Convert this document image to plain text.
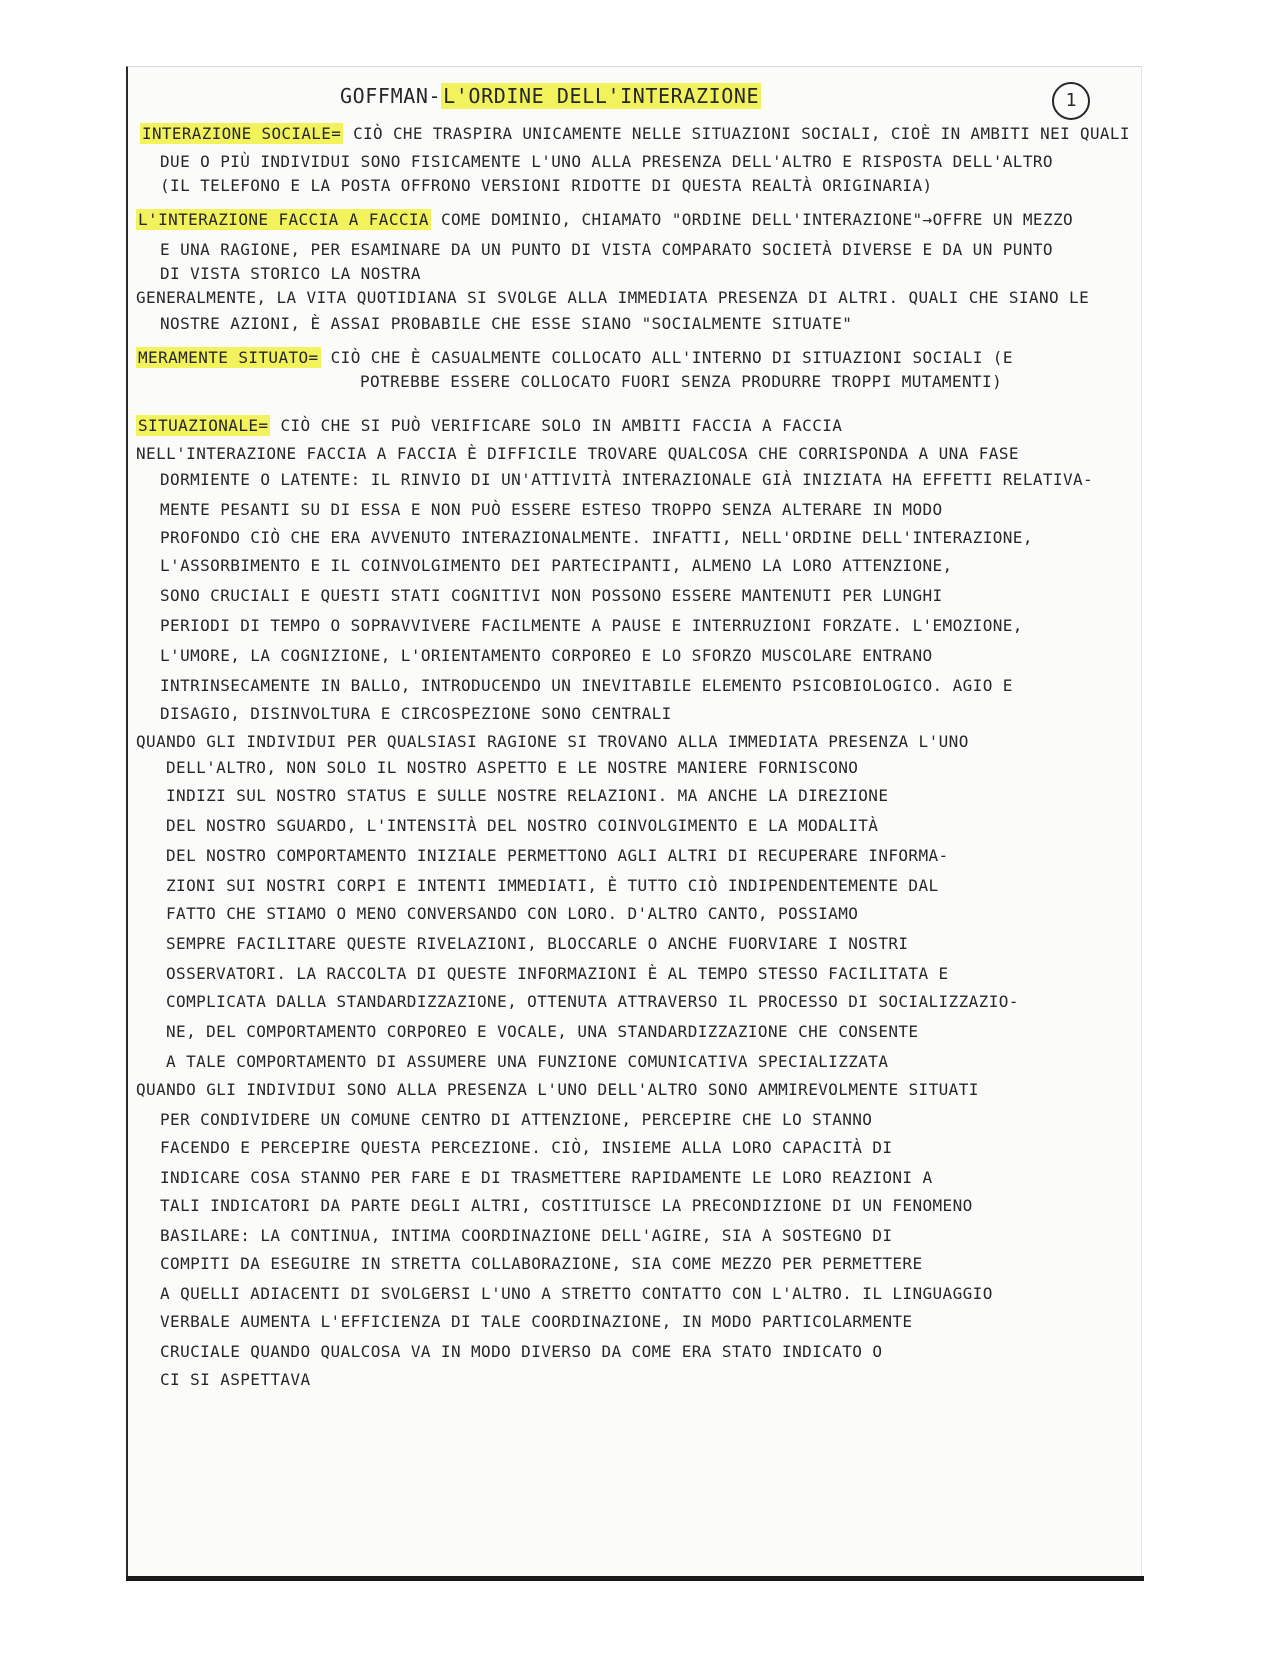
GOFFMAN- L'ORDINE DELL'INTERAZIONE	1
INTERAZIONE SOCIALE= CIÒ CHE TRASPIRA UNICAMENTE NELLE SITUAZIONI SOCIALI, CIOÈ IN AMBITI NEI QUALI
DUE O PIÙ INDIVIDUI SONO FISICAMENTE L'UNO ALLA PRESENZA DELL'ALTRO E RISPOSTA DELL'ALTRO
(IL TELEFONO E LA POSTA OFFRONO VERSIONI RIDOTTE DI QUESTA REALTÀ ORIGINARIA)
L'INTERAZIONE FACCIA A FACCIA COME DOMINIO, CHIAMATO "ORDINE DELL'INTERAZIONE"→OFFRE UN MEZZO
E UNA RAGIONE, PER ESAMINARE DA UN PUNTO DI VISTA COMPARATO SOCIETÀ DIVERSE E DA UN PUNTO
DI VISTA STORICO LA NOSTRA
GENERALMENTE, LA VITA QUOTIDIANA SI SVOLGE ALLA IMMEDIATA PRESENZA DI ALTRI. QUALI CHE SIANO LE
NOSTRE AZIONI, È ASSAI PROBABILE CHE ESSE SIANO "SOCIALMENTE SITUATE"
MERAMENTE SITUATO= CIÒ CHE È CASUALMENTE COLLOCATO ALL'INTERNO DI SITUAZIONI SOCIALI (E
POTREBBE ESSERE COLLOCATO FUORI SENZA PRODURRE TROPPI MUTAMENTI)
SITUAZIONALE= CIÒ CHE SI PUÒ VERIFICARE SOLO IN AMBITI FACCIA A FACCIA
NELL'INTERAZIONE FACCIA A FACCIA È DIFFICILE TROVARE QUALCOSA CHE CORRISPONDA A UNA FASE
DORMIENTE O LATENTE: IL RINVIO DI UN'ATTIVITÀ INTERAZIONALE GIÀ INIZIATA HA EFFETTI RELATIVA-
MENTE PESANTI SU DI ESSA E NON PUÒ ESSERE ESTESO TROPPO SENZA ALTERARE IN MODO
PROFONDO CIÒ CHE ERA AVVENUTO INTERAZIONALMENTE. INFATTI, NELL'ORDINE DELL'INTERAZIONE,
L'ASSORBIMENTO E IL COINVOLGIMENTO DEI PARTECIPANTI, ALMENO LA LORO ATTENZIONE,
SONO CRUCIALI E QUESTI STATI COGNITIVI NON POSSONO ESSERE MANTENUTI PER LUNGHI
PERIODI DI TEMPO O SOPRAVVIVERE FACILMENTE A PAUSE E INTERRUZIONI FORZATE. L'EMOZIONE,
L'UMORE, LA COGNIZIONE, L'ORIENTAMENTO CORPOREO E LO SFORZO MUSCOLARE ENTRANO
INTRINSECAMENTE IN BALLO, INTRODUCENDO UN INEVITABILE ELEMENTO PSICOBIOLOGICO. AGIO E
DISAGIO, DISINVOLTURA E CIRCOSPEZIONE SONO CENTRALI
QUANDO GLI INDIVIDUI PER QUALSIASI RAGIONE SI TROVANO ALLA IMMEDIATA PRESENZA L'UNO
DELL'ALTRO, NON SOLO IL NOSTRO ASPETTO E LE NOSTRE MANIERE FORNISCONO
INDIZI SUL NOSTRO STATUS E SULLE NOSTRE RELAZIONI. MA ANCHE LA DIREZIONE
DEL NOSTRO SGUARDO, L'INTENSITÀ DEL NOSTRO COINVOLGIMENTO E LA MODALITÀ
DEL NOSTRO COMPORTAMENTO INIZIALE PERMETTONO AGLI ALTRI DI RECUPERARE INFORMA-
ZIONI SUI NOSTRI CORPI E INTENTI IMMEDIATI, È TUTTO CIÒ INDIPENDENTEMENTE DAL
FATTO CHE STIAMO O MENO CONVERSANDO CON LORO. D'ALTRO CANTO, POSSIAMO
SEMPRE FACILITARE QUESTE RIVELAZIONI, BLOCCARLE O ANCHE FUORVIARE I NOSTRI
OSSERVATORI. LA RACCOLTA DI QUESTE INFORMAZIONI È AL TEMPO STESSO FACILITATA E
COMPLICATA DALLA STANDARDIZZAZIONE, OTTENUTA ATTRAVERSO IL PROCESSO DI SOCIALIZZAZIO-
NE, DEL COMPORTAMENTO CORPOREO E VOCALE, UNA STANDARDIZZAZIONE CHE CONSENTE
A TALE COMPORTAMENTO DI ASSUMERE UNA FUNZIONE COMUNICATIVA SPECIALIZZATA
QUANDO GLI INDIVIDUI SONO ALLA PRESENZA L'UNO DELL'ALTRO SONO AMMIREVOLMENTE SITUATI
PER CONDIVIDERE UN COMUNE CENTRO DI ATTENZIONE, PERCEPIRE CHE LO STANNO
FACENDO E PERCEPIRE QUESTA PERCEZIONE. CIÒ, INSIEME ALLA LORO CAPACITÀ DI
INDICARE COSA STANNO PER FARE E DI TRASMETTERE RAPIDAMENTE LE LORO REAZIONI A
TALI INDICATORI DA PARTE DEGLI ALTRI, COSTITUISCE LA PRECONDIZIONE DI UN FENOMENO
BASILARE: LA CONTINUA, INTIMA COORDINAZIONE DELL'AGIRE, SIA A SOSTEGNO DI
COMPITI DA ESEGUIRE IN STRETTA COLLABORAZIONE, SIA COME MEZZO PER PERMETTERE
A QUELLI ADIACENTI DI SVOLGERSI L'UNO A STRETTO CONTATTO CON L'ALTRO. IL LINGUAGGIO
VERBALE AUMENTA L'EFFICIENZA DI TALE COORDINAZIONE, IN MODO PARTICOLARMENTE
CRUCIALE QUANDO QUALCOSA VA IN MODO DIVERSO DA COME ERA STATO INDICATO O
CI SI ASPETTAVA
